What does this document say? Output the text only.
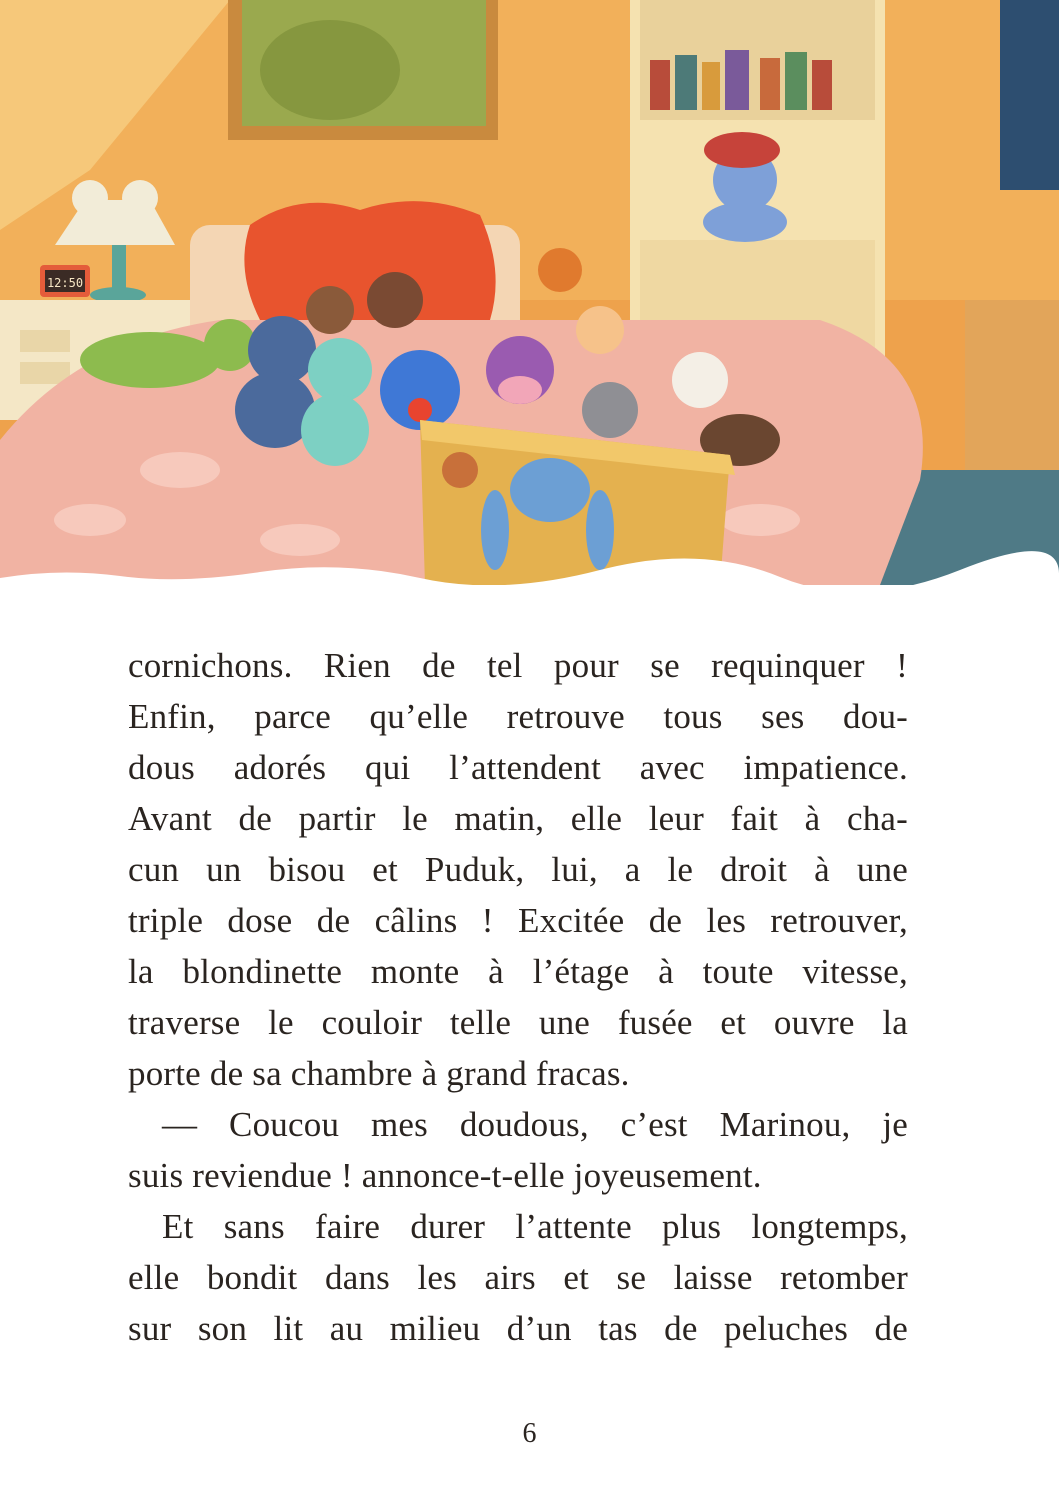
12:50
cornichons. Rien de tel pour se requinquer !
Enfin, parce qu’elle retrouve tous ses dou-
dous adorés qui l’attendent avec impatience.
Avant de partir le matin, elle leur fait à cha-
cun un bisou et Puduk, lui, a le droit à une
triple dose de câlins ! Excitée de les retrouver,
la blondinette monte à l’étage à toute vitesse,
traverse le couloir telle une fusée et ouvre la
porte de sa chambre à grand fracas.
— Coucou mes doudous, c’est Marinou, je
suis reviendue ! annonce-t-elle joyeusement.
Et sans faire durer l’attente plus longtemps,
elle bondit dans les airs et se laisse retomber
sur son lit au milieu d’un tas de peluches de
6
